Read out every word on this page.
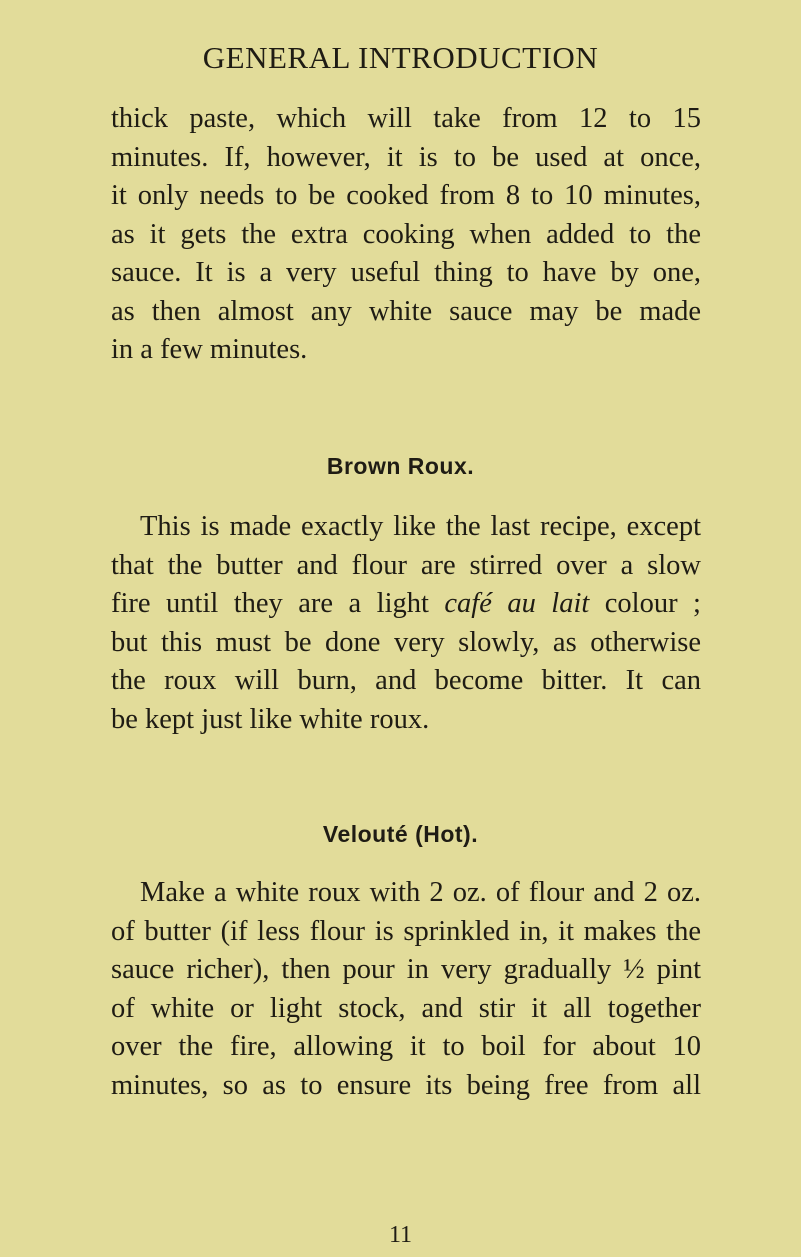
GENERAL INTRODUCTION

thick paste, which will take from 12 to 15
minutes. If, however, it is to be used at once,
it only needs to be cooked from 8 to 10 minutes,
as it gets the extra cooking when added to the
sauce. It is a very useful thing to have by one,
as then almost any white sauce may be made
in a few minutes.

Brown Roux.

This is made exactly like the last recipe, except
that the butter and flour are stirred over a slow
fire until they are a light café au lait colour ;
but this must be done very slowly, as otherwise
the roux will burn, and become bitter. It can
be kept just like white roux.

Velouté (Hot).

Make a white roux with 2 oz. of flour and 2 oz.
of butter (if less flour is sprinkled in, it makes the
sauce richer), then pour in very gradually ½ pint
of white or light stock, and stir it all together
over the fire, allowing it to boil for about 10
minutes, so as to ensure its being free from all

11
